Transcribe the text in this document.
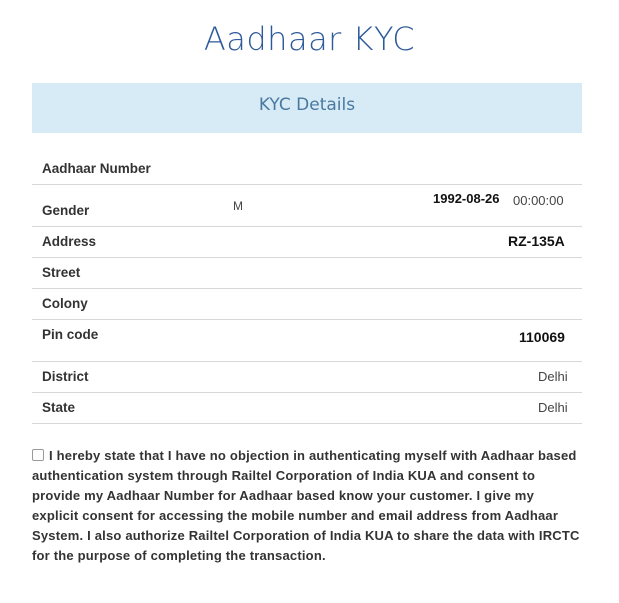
Aadhaar KYC
KYC Details
Aadhaar Number
Gender	M	1992-08-26 00:00:00
Address	RZ-135A
Street
Colony
Pin code	110069
District	Delhi
State	Delhi
I hereby state that I have no objection in authenticating myself with Aadhaar based authentication system through Railtel Corporation of India KUA and consent to provide my Aadhaar Number for Aadhaar based know your customer. I give my explicit consent for accessing the mobile number and email address from Aadhaar System. I also authorize Railtel Corporation of India KUA to share the data with IRCTC for the purpose of completing the transaction.
